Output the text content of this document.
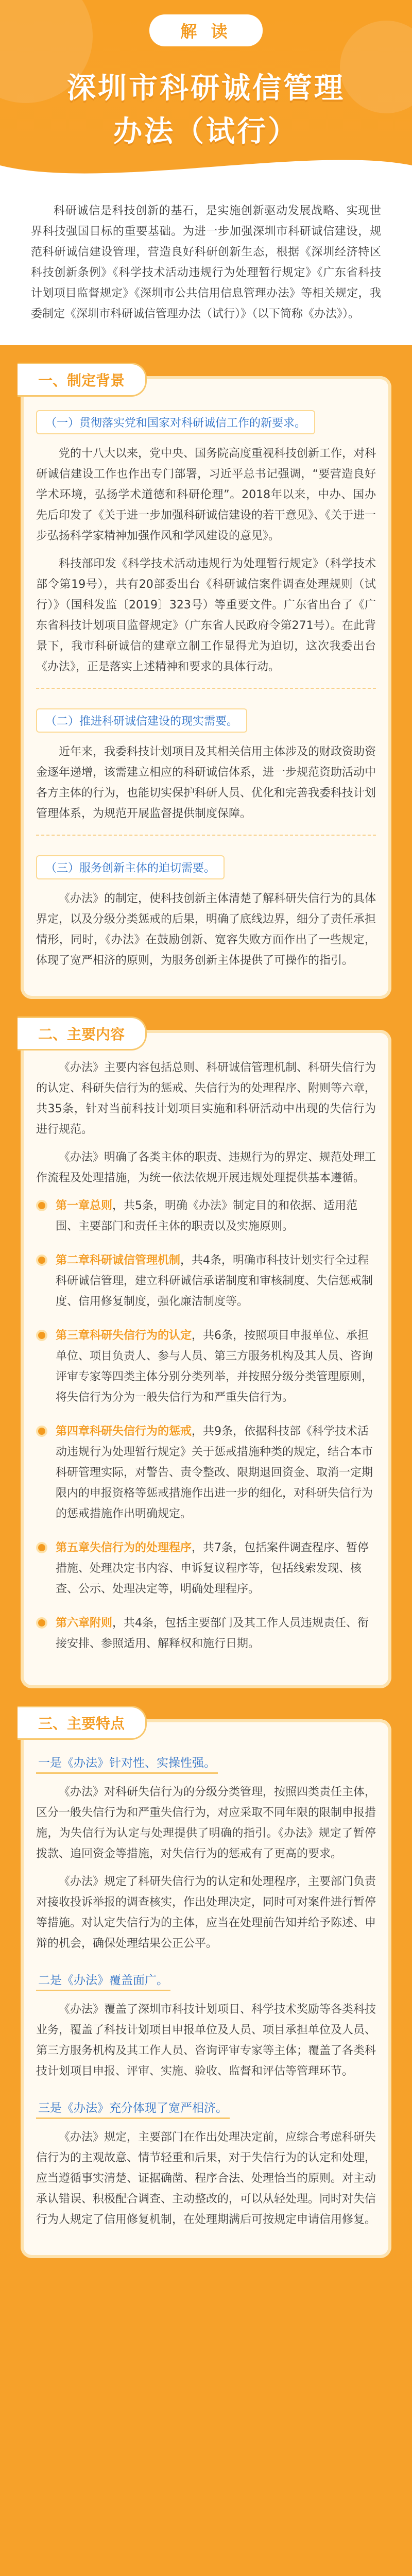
解 读
深圳市科研诚信管理
办法（试行）

科研诚信是科技创新的基石，是实施创新驱动发展战略、实现世界科技强国目标的重要基础。为进一步加强深圳市科研诚信建设，规范科研诚信建设管理，营造良好科研创新生态，根据《深圳经济特区科技创新条例》《科学技术活动违规行为处理暂行规定》《广东省科技计划项目监督规定》《深圳市公共信用信息管理办法》等相关规定，我委制定《深圳市科研诚信管理办法（试行）》（以下简称《办法》）。

一、制定背景
（一）贯彻落实党和国家对科研诚信工作的新要求。

党的十八大以来，党中央、国务院高度重视科技创新工作，对科研诚信建设工作也作出专门部署，习近平总书记强调，“要营造良好学术环境，弘扬学术道德和科研伦理”。2018年以来，中办、国办先后印发了《关于进一步加强科研诚信建设的若干意见》、《关于进一步弘扬科学家精神加强作风和学风建设的意见》。

科技部印发《科学技术活动违规行为处理暂行规定》（科学技术部令第19号），共有20部委出台《科研诚信案件调查处理规则（试行）》（国科发监〔2019〕323号）等重要文件。广东省出台了《广东省科技计划项目监督规定》（广东省人民政府令第271号）。在此背景下，我市科研诚信的建章立制工作显得尤为迫切，这次我委出台《办法》，正是落实上述精神和要求的具体行动。

（二）推进科研诚信建设的现实需要。

近年来，我委科技计划项目及其相关信用主体涉及的财政资助资金逐年递增，该需建立相应的科研诚信体系，进一步规范资助活动中各方主体的行为，也能切实保护科研人员、优化和完善我委科技计划管理体系，为规范开展监督提供制度保障。

（三）服务创新主体的迫切需要。

《办法》的制定，使科技创新主体清楚了解科研失信行为的具体界定，以及分级分类惩戒的后果，明确了底线边界，细分了责任承担情形，同时，《办法》在鼓励创新、宽容失败方面作出了一些规定，体现了宽严相济的原则，为服务创新主体提供了可操作的指引。

二、主要内容

《办法》主要内容包括总则、科研诚信管理机制、科研失信行为的认定、科研失信行为的惩戒、失信行为的处理程序、附则等六章，共35条，针对当前科技计划项目实施和科研活动中出现的失信行为进行规范。

《办法》明确了各类主体的职责、违规行为的界定、规范处理工作流程及处理措施，为统一依法依规开展违规处理提供基本遵循。

第一章总则，共5条，明确《办法》制定目的和依据、适用范围、主要部门和责任主体的职责以及实施原则。
第二章科研诚信管理机制，共4条，明确市科技计划实行全过程科研诚信管理，建立科研诚信承诺制度和审核制度、失信惩戒制度、信用修复制度，强化廉洁制度等。
第三章科研失信行为的认定，共6条，按照项目申报单位、承担单位、项目负责人、参与人员、第三方服务机构及其人员、咨询评审专家等四类主体分别分类列举，并按照分级分类管理原则，将失信行为分为一般失信行为和严重失信行为。
第四章科研失信行为的惩戒，共9条，依据科技部《科学技术活动违规行为处理暂行规定》关于惩戒措施种类的规定，结合本市科研管理实际，对警告、责令整改、限期退回资金、取消一定期限内的申报资格等惩戒措施作出进一步的细化，对科研失信行为的惩戒措施作出明确规定。
第五章失信行为的处理程序，共7条，包括案件调查程序、暂停措施、处理决定书内容、申诉复议程序等，包括线索发现、核查、公示、处理决定等，明确处理程序。
第六章附则，共4条，包括主要部门及其工作人员违规责任、衔接安排、参照适用、解释权和施行日期。
三、主要特点
一是《办法》针对性、实操性强。

《办法》对科研失信行为的分级分类管理，按照四类责任主体，区分一般失信行为和严重失信行为，对应采取不同年限的限制申报措施，为失信行为认定与处理提供了明确的指引。《办法》规定了暂停拨款、追回资金等措施，对失信行为的惩戒有了更高的要求。

《办法》规定了科研失信行为的认定和处理程序，主要部门负责对接收投诉举报的调查核实，作出处理决定，同时可对案件进行暂停等措施。对认定失信行为的主体，应当在处理前告知并给予陈述、申辩的机会，确保处理结果公正公平。

二是《办法》覆盖面广。

《办法》覆盖了深圳市科技计划项目、科学技术奖励等各类科技业务，覆盖了科技计划项目申报单位及人员、项目承担单位及人员、第三方服务机构及其工作人员、咨询评审专家等主体；覆盖了各类科技计划项目申报、评审、实施、验收、监督和评估等管理环节。

三是《办法》充分体现了宽严相济。

《办法》规定，主要部门在作出处理决定前，应综合考虑科研失信行为的主观故意、情节轻重和后果，对于失信行为的认定和处理，应当遵循事实清楚、证据确凿、程序合法、处理恰当的原则。对主动承认错误、积极配合调查、主动整改的，可以从轻处理。同时对失信行为人规定了信用修复机制，在处理期满后可按规定申请信用修复。
